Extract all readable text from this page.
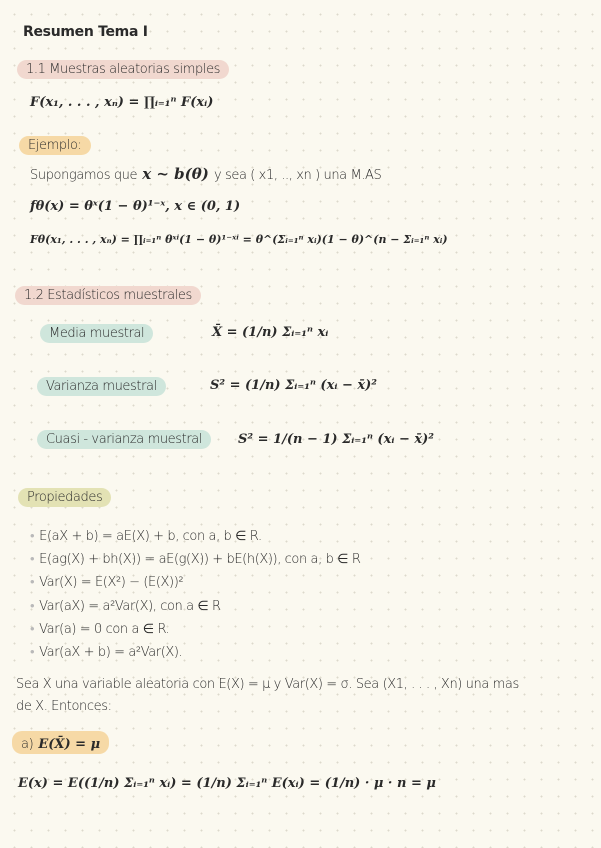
Resumen Tema I
1.1 Muestras aleatorias simples
F(x₁, . . . , xₙ) = ∏ᵢ₌₁ⁿ F(xᵢ)
Ejemplo:
Supongamos que x ~ b(θ) y sea ( x1, .., xn ) una M.AS
fθ(x) = θˣ(1 − θ)¹⁻ˣ, x ∈ (0, 1)
Fθ(x₁, . . . , xₙ) = ∏ᵢ₌₁ⁿ θˣⁱ(1 − θ)¹⁻ˣⁱ = θ^(Σᵢ₌₁ⁿ xᵢ)(1 − θ)^(n − Σᵢ₌₁ⁿ xᵢ)
1.2 Estadísticos muestrales
Media muestral	X̄ = (1/n) Σᵢ₌₁ⁿ xᵢ
Varianza muestral	S² = (1/n) Σᵢ₌₁ⁿ (xᵢ − x̄)²
Cuasi - varianza muestral	S² = 1/(n − 1) Σᵢ₌₁ⁿ (xᵢ − x̄)²
Propiedades
• E(aX + b) = aE(X) + b, con a, b ∈ R.
• E(ag(X) + bh(X)) = aE(g(X)) + bE(h(X)), con a, b ∈ R
• Var(X) = E(X²) − (E(X))²
• Var(aX) = a²Var(X), con a ∈ R
• Var(a) = 0 con a ∈ R.
• Var(aX + b) = a²Var(X).
Sea X una variable aleatoria con E(X) = μ y Var(X) = σ. Sea (X1, . . . , Xn) una mas
de X. Entonces:
a) E(X̄) = μ
E(x) = E((1/n) Σᵢ₌₁ⁿ xᵢ) = (1/n) Σᵢ₌₁ⁿ E(xᵢ) = (1/n) · μ · n = μ
